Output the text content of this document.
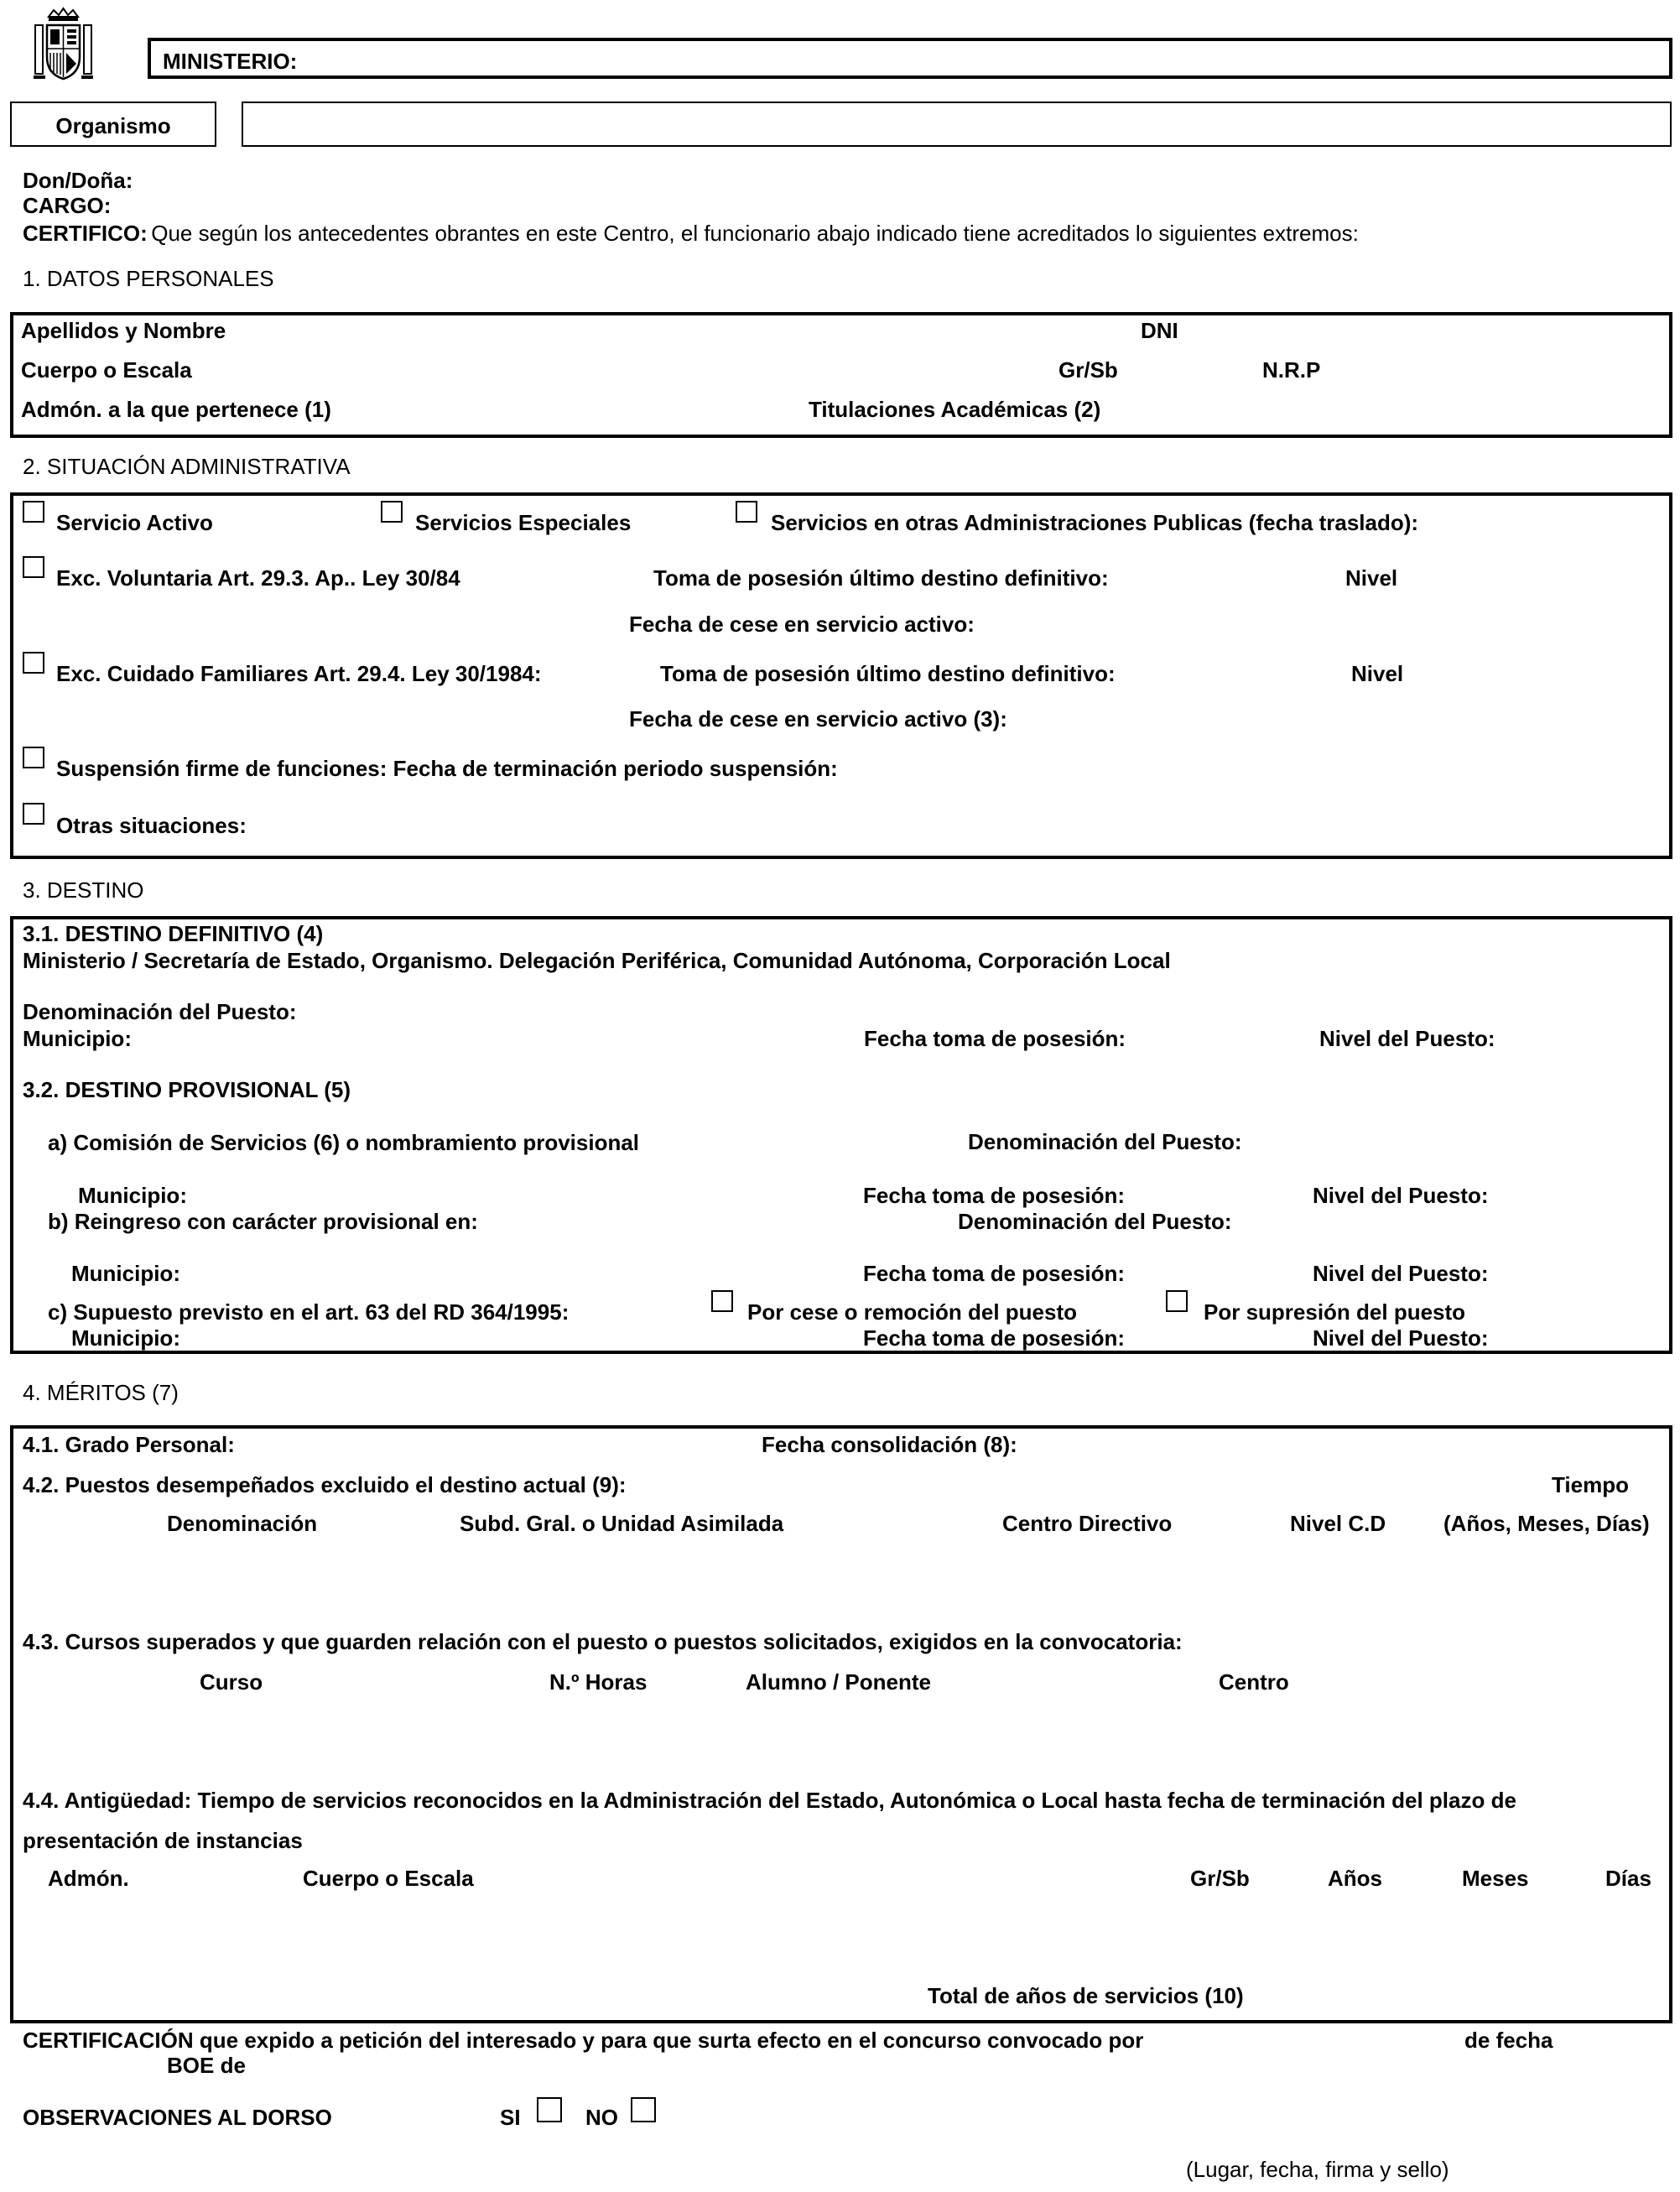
MINISTERIO:
Organismo
Don/Doña:
CARGO:
CERTIFICO: Que según los antecedentes obrantes en este Centro, el funcionario abajo indicado tiene acreditados lo siguientes extremos:
1. DATOS PERSONALES
Apellidos y Nombre	DNI
Cuerpo o Escala	Gr/Sb	N.R.P
Admón. a la que pertenece (1)	Titulaciones Académicas (2)
2. SITUACIÓN ADMINISTRATIVA
Servicio Activo	Servicios Especiales	Servicios en otras Administraciones Publicas (fecha traslado):
Exc. Voluntaria Art. 29.3. Ap.. Ley 30/84	Toma de posesión último destino definitivo:	Nivel
Fecha de cese en servicio activo:
Exc. Cuidado Familiares Art. 29.4. Ley 30/1984:	Toma de posesión último destino definitivo:	Nivel
Fecha de cese en servicio activo (3):
Suspensión firme de funciones: Fecha de terminación periodo suspensión:
Otras situaciones:
3. DESTINO
3.1. DESTINO DEFINITIVO (4)
Ministerio / Secretaría de Estado, Organismo. Delegación Periférica, Comunidad Autónoma, Corporación Local
Denominación del Puesto:
Municipio:	Fecha toma de posesión:	Nivel del Puesto:
3.2. DESTINO PROVISIONAL (5)
a) Comisión de Servicios (6) o nombramiento provisional	Denominación del Puesto:
Municipio:	Fecha toma de posesión:	Nivel del Puesto:
b) Reingreso con carácter provisional en:	Denominación del Puesto:
Municipio:	Fecha toma de posesión:	Nivel del Puesto:
c) Supuesto previsto en el art. 63 del RD 364/1995:	Por cese o remoción del puesto	Por supresión del puesto
Municipio:	Fecha toma de posesión:	Nivel del Puesto:
4. MÉRITOS (7)
4.1. Grado Personal:	Fecha consolidación (8):
4.2. Puestos desempeñados excluido el destino actual (9):	Tiempo
Denominación	Subd. Gral. o Unidad Asimilada	Centro Directivo	Nivel C.D	(Años, Meses, Días)
4.3. Cursos superados y que guarden relación con el puesto o puestos solicitados, exigidos en la convocatoria:
Curso	N.º Horas	Alumno / Ponente	Centro
4.4. Antigüedad: Tiempo de servicios reconocidos en la Administración del Estado, Autonómica o Local hasta fecha de terminación del plazo de
presentación de instancias
Admón.	Cuerpo o Escala	Gr/Sb	Años	Meses	Días
Total de años de servicios (10)
CERTIFICACIÓN que expido a petición del interesado y para que surta efecto en el concurso convocado por	de fecha
BOE de
OBSERVACIONES AL DORSO	SI	NO
(Lugar, fecha, firma y sello)
